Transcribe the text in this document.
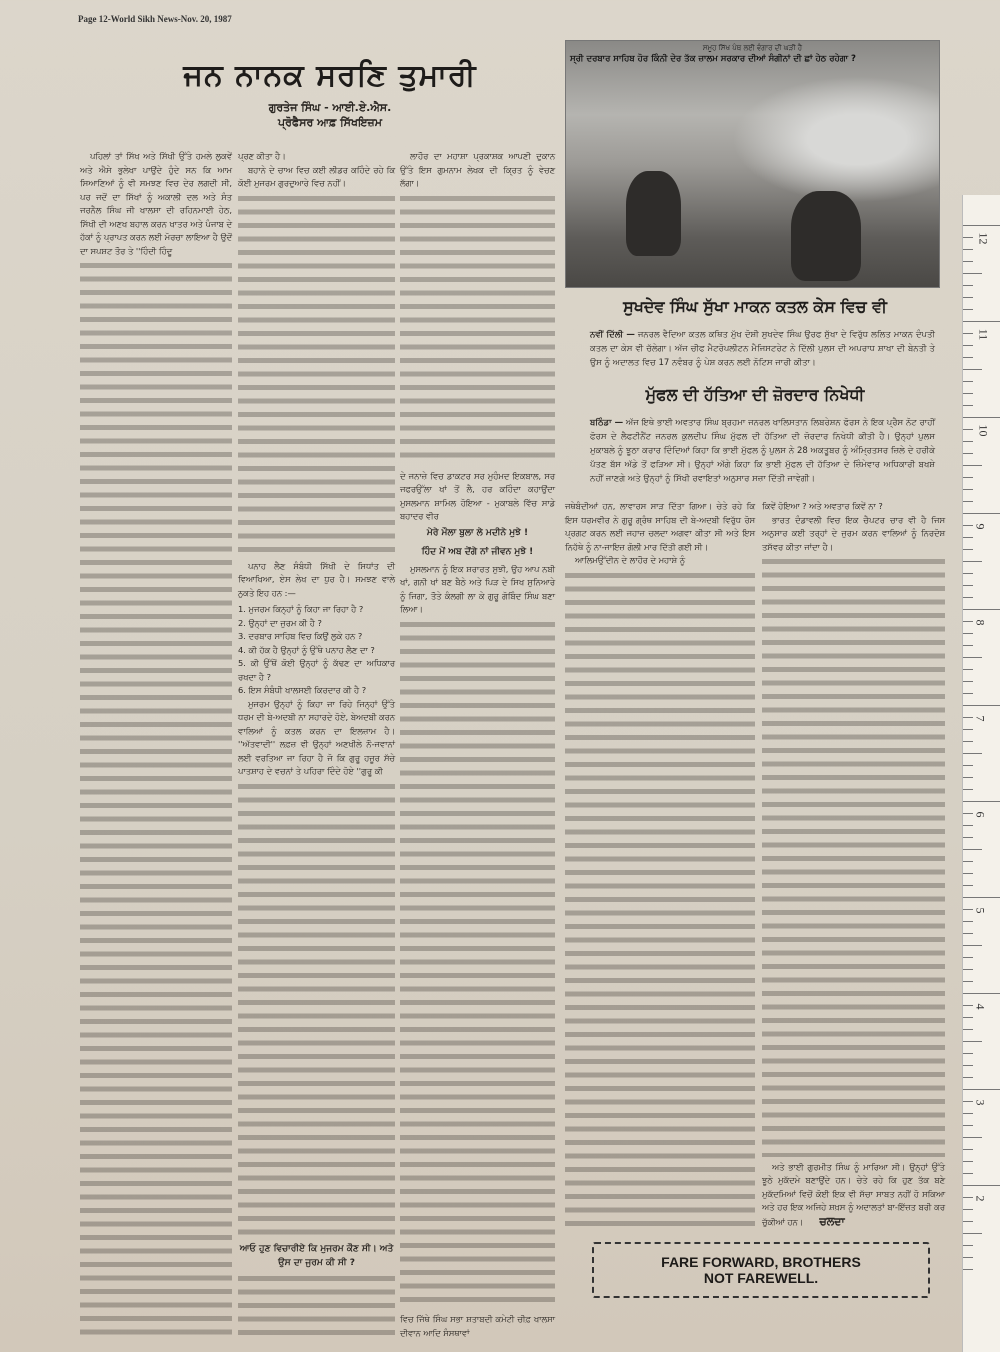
Page 12-World Sikh News-Nov. 20, 1987
ਜਨ ਨਾਨਕ ਸਰਣਿ ਤੁਮਾਰੀ
ਗੁਰਤੇਜ ਸਿੰਘ - ਆਈ.ਏ.ਐਸ.
ਪ੍ਰੋਫੈਸਰ ਆਫ਼ ਸਿੱਖਇਜ਼ਮ

ਪਹਿਲਾਂ ਤਾਂ ਸਿੱਖ ਅਤੇ ਸਿੱਖੀ ਉੱਤੇ ਹਮਲੇ ਲੁਕਵੇਂ ਅਤੇ ਐਸੇ ਭੁਲੇਖਾ ਪਾਉਂਦੇ ਹੁੰਦੇ ਸਨ ਕਿ ਆਮ ਸਿਆਣਿਆਂ ਨੂੰ ਵੀ ਸਮਝਣ ਵਿਚ ਦੇਰ ਲਗਦੀ ਸੀ, ਪਰ ਜਦੋਂ ਦਾ ਸਿੱਖਾਂ ਨੂੰ ਅਕਾਲੀ ਦਲ ਅਤੇ ਸੰਤ ਜਰਨੈਲ ਸਿੰਘ ਜੀ ਖਾਲਸਾ ਦੀ ਰਹਿਨਮਾਈ ਹੇਠ, ਸਿੱਖੀ ਦੀ ਅਣਖ ਬਹਾਲ ਕਰਨ ਖਾਤਰ ਅਤੇ ਪੰਜਾਬ ਦੇ ਹੱਕਾਂ ਨੂੰ ਪ੍ਰਾਪਤ ਕਰਨ ਲਈ ਮੋਰਚਾ ਲਾਇਆ ਹੈ ਉਦੋਂ ਦਾ ਸਪਸ਼ਟ ਤੌਰ ਤੇ ''ਹਿੰਦੀ ਹਿੰਦੂ

ਪ੍ਰਣ ਕੀਤਾ ਹੈ।

ਬਹਾਨੇ ਦੇ ਚਾਅ ਵਿਚ ਕਈ ਲੀਡਰ ਕਹਿੰਦੇ ਰਹੇ ਕਿ ਕੋਈ ਮੁਜਰਮ ਗੁਰਦੁਆਰੇ ਵਿਚ ਨਹੀਂ।

ਪਨਾਹ ਲੈਣ ਸੰਬੰਧੀ ਸਿੱਖੀ ਦੇ ਸਿਧਾਂਤ ਦੀ ਵਿਆਖਿਆ, ਏਸ ਲੇਖ ਦਾ ਧੁਰ ਹੈ। ਸਮਝਣ ਵਾਲੇ ਨੁਕਤੇ ਇਹ ਹਨ :—

1. ਮੁਜਰਮ ਕਿਨ੍ਹਾਂ ਨੂੰ ਕਿਹਾ ਜਾ ਰਿਹਾ ਹੈ ?

2. ਉਨ੍ਹਾਂ ਦਾ ਜੁਰਮ ਕੀ ਹੈ ?

3. ਦਰਬਾਰ ਸਾਹਿਬ ਵਿਚ ਕਿਉਂ ਲੁਕੇ ਹਨ ?

4. ਕੀ ਹੱਕ ਹੈ ਉਨ੍ਹਾਂ ਨੂੰ ਉੱਥੇ ਪਨਾਹ ਲੈਣ ਦਾ ?

5. ਕੀ ਉੱਥੋਂ ਕੋਈ ਉਨ੍ਹਾਂ ਨੂੰ ਕੱਢਣ ਦਾ ਅਧਿਕਾਰ ਰਖਦਾ ਹੈ ?

6. ਇਸ ਸੰਬੰਧੀ ਖਾਲਸਈ ਕਿਰਦਾਰ ਕੀ ਹੈ ?

ਮੁਜਰਮ ਉਨ੍ਹਾਂ ਨੂੰ ਕਿਹਾ ਜਾ ਰਿਹੇ ਜਿਨ੍ਹਾਂ ਉੱਤੇ ਧਰਮ ਦੀ ਬੇ-ਅਦਬੀ ਨਾ ਸਹਾਰਦੇ ਹੋਏ, ਬੇਅਦਬੀ ਕਰਨ ਵਾਲਿਆਂ ਨੂੰ ਕਤਲ ਕਰਨ ਦਾ ਇਲਜ਼ਾਮ ਹੈ। ''ਅੱਤਵਾਦੀ'' ਲਫ਼ਜ਼ ਵੀ ਉਨ੍ਹਾਂ ਅਣਖੀਲੇ ਨੌ-ਜਵਾਨਾਂ ਲਈ ਵਰਤਿਆ ਜਾ ਰਿਹਾ ਹੈ ਜੋ ਕਿ ਗੁਰੂ ਹਜ਼ੂਰ ਸੱਚੇ ਪਾਤਸ਼ਾਹ ਦੇ ਵਚਨਾਂ ਤੇ ਪਹਿਰਾ ਦਿੰਦੇ ਹੋਏ ''ਗੁਰੂ ਕੀ

ਆਓ ਹੁਣ ਵਿਚਾਰੀਏ ਕਿ ਮੁਜਰਮ ਕੌਣ ਸੀ। ਅਤੇ ਉਸ ਦਾ ਜੁਰਮ ਕੀ ਸੀ ?

ਲਾਹੌਰ ਦਾ ਮਹਾਸ਼ਾ ਪ੍ਰਕਾਸ਼ਕ ਆਪਣੀ ਦੁਕਾਨ ਉੱਤੇ ਇਸ ਗੁਮਨਾਮ ਲੇਖਕ ਦੀ ਕ੍ਰਿਤ ਨੂੰ ਵੇਚਣ ਲੱਗਾ।

ਦੇ ਜਨਾਜ਼ੇ ਵਿਚ ਡਾਕਟਰ ਸਰ ਮੁਹੰਮਦ ਇਕਬਾਲ, ਸਰ ਜਫਰਉੱਲਾ ਖਾਂ ਤੋਂ ਲੈ, ਹਰ ਕਹਿੰਦਾ ਕਹਾਉਂਦਾ ਮੁਸਲਮਾਨ ਸ਼ਾਮਿਲ ਹੋਇਆ - ਮੁਕਾਬਲੇ ਵਿੱਚ ਸਾਡੇ ਬਹਾਦਰ ਵੀਰ

ਮੇਰੇ ਮੌਲਾ ਬੁਲਾ ਲੇ ਮਦੀਨੇ ਮੁਝੇ !
ਹਿੰਦ ਮੇਂ ਅਬ ਦੇਂਗੇ ਨਾਂ ਜੀਵਨ ਮੁਝੇ !

ਮੁਸਲਮਾਨ ਨੂੰ ਇਕ ਸ਼ਰਾਰਤ ਸੁਝੀ, ਉਹ ਆਪ ਨਬੀ ਖਾਂ, ਗਨੀ ਖਾਂ ਬਣ ਬੈਠੇ ਅਤੇ ਪਿੜ ਦੇ ਸਿਖ ਸੁਨਿਆਰੇ ਨੂੰ ਜਿਗਾ, ਤੌਤੇ ਕੰਲਗੀ ਲਾ ਕੇ ਗੁਰੂ ਗੋਬਿੰਦ ਸਿੰਘ ਬਣਾ ਲਿਆ।

ਵਿਚ ਜਿੱਥੇ ਸਿੰਘ ਸਭਾ ਸ਼ਤਾਬਦੀ ਕਮੇਟੀ ਚੀਫ਼ ਖਾਲਸਾ ਦੀਵਾਨ ਆਦਿ ਸੰਸਥਾਵਾਂ

ਸਮੂਹ ਸਿੱਖ ਪੰਥ ਲਈ ਵੰਗਾਰ ਦੀ ਘੜੀ ਹੈ
ਸ੍ਰੀ ਦਰਬਾਰ ਸਾਹਿਬ ਹੋਰ ਕਿੰਨੀ ਦੇਰ ਤੱਕ ਜ਼ਾਲਮ ਸਰਕਾਰ ਦੀਆਂ ਸੰਗੀਨਾਂ ਦੀ ਛਾਂ ਹੇਠ ਰਹੇਗਾ ?
ਸੁਖਦੇਵ ਸਿੰਘ ਸੁੱਖਾ ਮਾਕਨ ਕਤਲ ਕੇਸ ਵਿਚ ਵੀ
ਨਵੀਂ ਦਿੱਲੀ — ਜਨਰਲ ਵੈਦਿਆ ਕਤਲ ਕਥਿਤ ਮੁੱਖ ਦੋਸ਼ੀ ਸੁਖਦੇਵ ਸਿੰਘ ਉਰਫ ਸੁੱਖਾ ਦੇ ਵਿਰੁੱਧ ਲਲਿਤ ਮਾਕਨ ਦੰਪਤੀ ਕਤਲ ਦਾ ਕੇਸ ਵੀ ਚੱਲੇਗਾ। ਅੱਜ ਚੀਫ ਮੈਟਰੋਪਲੀਟਨ ਮੈਜਿਸਟਰੇਟ ਨੇ ਦਿੱਲੀ ਪੁਲਸ ਦੀ ਅਪਰਾਧ ਸ਼ਾਖਾ ਦੀ ਬੇਨਤੀ ਤੇ ਉਸ ਨੂੰ ਅਦਾਲਤ ਵਿਚ 17 ਨਵੰਬਰ ਨੂੰ ਪੇਸ਼ ਕਰਨ ਲਈ ਨੋਟਿਸ ਜਾਰੀ ਕੀਤਾ।
ਮੁੱਫਲ ਦੀ ਹੱਤਿਆ ਦੀ ਜ਼ੋਰਦਾਰ ਨਿਖੇਧੀ
ਬਠਿੰਡਾ — ਅੱਜ ਇਥੇ ਭਾਈ ਅਵਤਾਰ ਸਿੰਘ ਬ੍ਰਹਮਾ ਜਨਰਲ ਖਾਲਿਸਤਾਨ ਲਿਬਰੇਸ਼ਨ ਫੋਰਸ ਨੇ ਇਕ ਪ੍ਰੈਸ ਨੋਟ ਰਾਹੀਂ ਫੋਰਸ ਦੇ ਲੈਫਟੀਨੈਂਟ ਜਨਰਲ ਕੁਲਦੀਪ ਸਿੰਘ ਮੁੱਫਲ ਦੀ ਹੱਤਿਆ ਦੀ ਜ਼ੋਰਦਾਰ ਨਿਖੇਧੀ ਕੀਤੀ ਹੈ। ਉਨ੍ਹਾਂ ਪੁਲਸ ਮੁਕਾਬਲੇ ਨੂੰ ਝੂਠਾ ਕਰਾਰ ਦਿੰਦਿਆਂ ਕਿਹਾ ਕਿ ਭਾਈ ਮੁੱਫਲ ਨੂੰ ਪੁਲਸ ਨੇ 28 ਅਕਤੂਬਰ ਨੂੰ ਅੰਮ੍ਰਿਤਸਰ ਜ਼ਿਲੇ ਦੇ ਹਰੀਕੇ ਪੱਤਣ ਬੱਸ ਅੱਡੇ ਤੋਂ ਫੜਿਆ ਸੀ। ਉਨ੍ਹਾਂ ਅੱਗੇ ਕਿਹਾ ਕਿ ਭਾਈ ਮੁੱਫਲ ਦੀ ਹੱਤਿਆ ਦੇ ਜ਼ਿੰਮੇਵਾਰ ਅਧਿਕਾਰੀ ਬਖਸ਼ੇ ਨਹੀਂ ਜਾਣਗੇ ਅਤੇ ਉਨ੍ਹਾਂ ਨੂੰ ਸਿੱਖੀ ਰਵਾਇਤਾਂ ਅਨੁਸਾਰ ਸਜ਼ਾ ਦਿੱਤੀ ਜਾਵੇਗੀ।

ਜਥੇਬੰਦੀਆਂ ਹਨ, ਲਾਵਾਰਸ ਸਾੜ ਦਿੱਤਾ ਗਿਆ। ਚੇਤੇ ਰਹੇ ਕਿ ਇਸ ਧਰਮਵੀਰ ਨੇ ਗੁਰੂ ਗ੍ਰੰਥ ਸਾਹਿਬ ਦੀ ਬੇ-ਅਦਬੀ ਵਿਰੁੱਧ ਰੋਸ ਪ੍ਰਗਟ ਕਰਨ ਲਈ ਜਹਾਜ਼ ਚਲਦਾ ਅਗਵਾ ਕੀਤਾ ਸੀ ਅਤੇ ਇਸ ਨਿਹੱਥੇ ਨੂੰ ਨਾ-ਜਾਇਜ਼ ਗੋਲੀ ਮਾਰ ਦਿੱਤੀ ਗਈ ਸੀ।

ਆਲਿਮਉੱਦੀਨ ਦੇ ਲਾਹੌਰ ਦੇ ਮਹਾਸ਼ੇ ਨੂੰ

ਕਿਵੇਂ ਹੋਇਆ ? ਅਤੇ ਅਵਤਾਰ ਕਿਵੇਂ ਨਾ ?

ਭਾਰਤ ਦੰਡਾਵਲੀ ਵਿਚ ਇਕ ਚੈਪਟਰ ਚਾਰ ਵੀ ਹੈ ਜਿਸ ਅਨੁਸਾਰ ਕਈ ਤਰ੍ਹਾਂ ਦੇ ਜੁਰਮ ਕਰਨ ਵਾਲਿਆਂ ਨੂੰ ਨਿਰਦੋਸ਼ ਤਸੱਵਰ ਕੀਤਾ ਜਾਂਦਾ ਹੈ।

ਅਤੇ ਭਾਈ ਗੁਰਮੀਤ ਸਿੰਘ ਨੂੰ ਮਾਰਿਆ ਸੀ। ਉਨ੍ਹਾਂ ਉੱਤੇ ਝੂਠੇ ਮੁਕੱਦਮੇ ਬਣਾਉਂਦੇ ਹਨ। ਚੇਤੇ ਰਹੇ ਕਿ ਹੁਣ ਤੱਕ ਬਣੇ ਮੁਕੱਦਮਿਆਂ ਵਿਚੋਂ ਕੋਈ ਇਕ ਵੀ ਸੱਚਾ ਸਾਬਤ ਨਹੀਂ ਹੋ ਸਕਿਆ ਅਤੇ ਹਰ ਇਕ ਅਜਿਹੇ ਸ਼ਖ਼ਸ ਨੂੰ ਅਦਾਲਤਾਂ ਬਾ-ਇੱਜ਼ਤ ਬਰੀ ਕਰ ਚੁੱਕੀਆਂ ਹਨ। ਚਲਦਾ

FARE FORWARD, BROTHERS
NOT FAREWELL.
12
11
10
9
8
7
6
5
4
3
2
